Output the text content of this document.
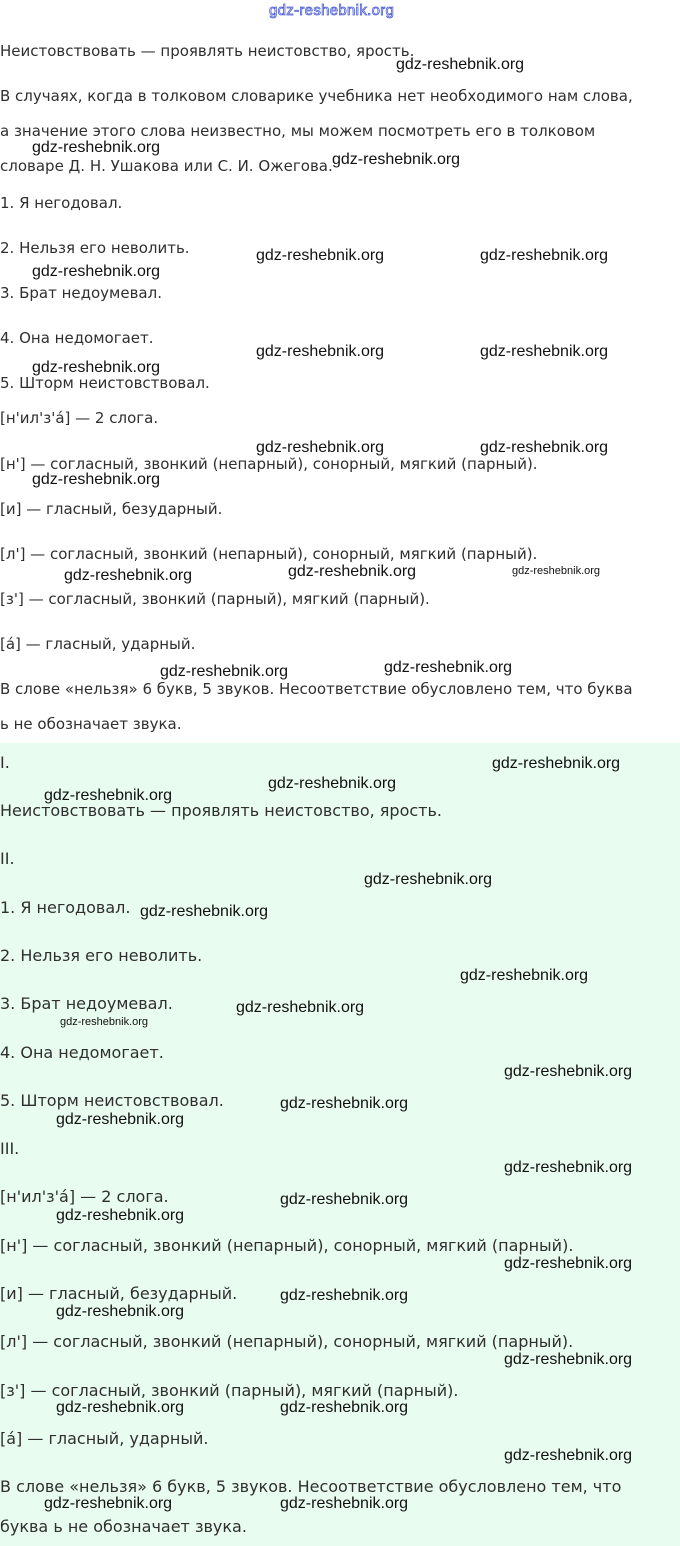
gdz-reshebnik.org
Неистовствовать — проявлять неистовство, ярость.
В случаях, когда в толковом словарике учебника нет необходимого нам слова,
а значение этого слова неизвестно, мы можем посмотреть его в толковом
словаре Д. Н. Ушакова или С. И. Ожегова.
1. Я негодовал.
2. Нельзя его неволить.
3. Брат недоумевал.
4. Она недомогает.
5. Шторм неистовствовал.
[н'ил'з'а́] — 2 слога.
[н'] — согласный, звонкий (непарный), сонорный, мягкий (парный).
[и] — гласный, безударный.
[л'] — согласный, звонкий (непарный), сонорный, мягкий (парный).
[з'] — согласный, звонкий (парный), мягкий (парный).
[а́] — гласный, ударный.
В слове «нельзя» 6 букв, 5 звуков. Несоответствие обусловлено тем, что буква
ь не обозначает звука.
I.
Неистовствовать — проявлять неистовство, ярость.
II.
1. Я негодовал.
2. Нельзя его неволить.
3. Брат недоумевал.
4. Она недомогает.
5. Шторм неистовствовал.
III.
[н'ил'з'а́] — 2 слога.
[н'] — согласный, звонкий (непарный), сонорный, мягкий (парный).
[и] — гласный, безударный.
[л'] — согласный, звонкий (непарный), сонорный, мягкий (парный).
[з'] — согласный, звонкий (парный), мягкий (парный).
[а́] — гласный, ударный.
В слове «нельзя» 6 букв, 5 звуков. Несоответствие обусловлено тем, что
буква ь не обозначает звука.
gdz-reshebnik.org
gdz-reshebnik.org
gdz-reshebnik.org
gdz-reshebnik.org	gdz-reshebnik.org
gdz-reshebnik.org
gdz-reshebnik.org	gdz-reshebnik.org
gdz-reshebnik.org
gdz-reshebnik.org	gdz-reshebnik.org
gdz-reshebnik.org
gdz-reshebnik.org	gdz-reshebnik.org	gdz-reshebnik.org
gdz-reshebnik.org	gdz-reshebnik.org
gdz-reshebnik.org
gdz-reshebnik.org
gdz-reshebnik.org
gdz-reshebnik.org
gdz-reshebnik.org
gdz-reshebnik.org
gdz-reshebnik.org
gdz-reshebnik.org
gdz-reshebnik.org
gdz-reshebnik.org
gdz-reshebnik.org
gdz-reshebnik.org
gdz-reshebnik.org
gdz-reshebnik.org
gdz-reshebnik.org
gdz-reshebnik.org
gdz-reshebnik.org
gdz-reshebnik.org
gdz-reshebnik.org
gdz-reshebnik.org
gdz-reshebnik.org
gdz-reshebnik.org	gdz-reshebnik.org
